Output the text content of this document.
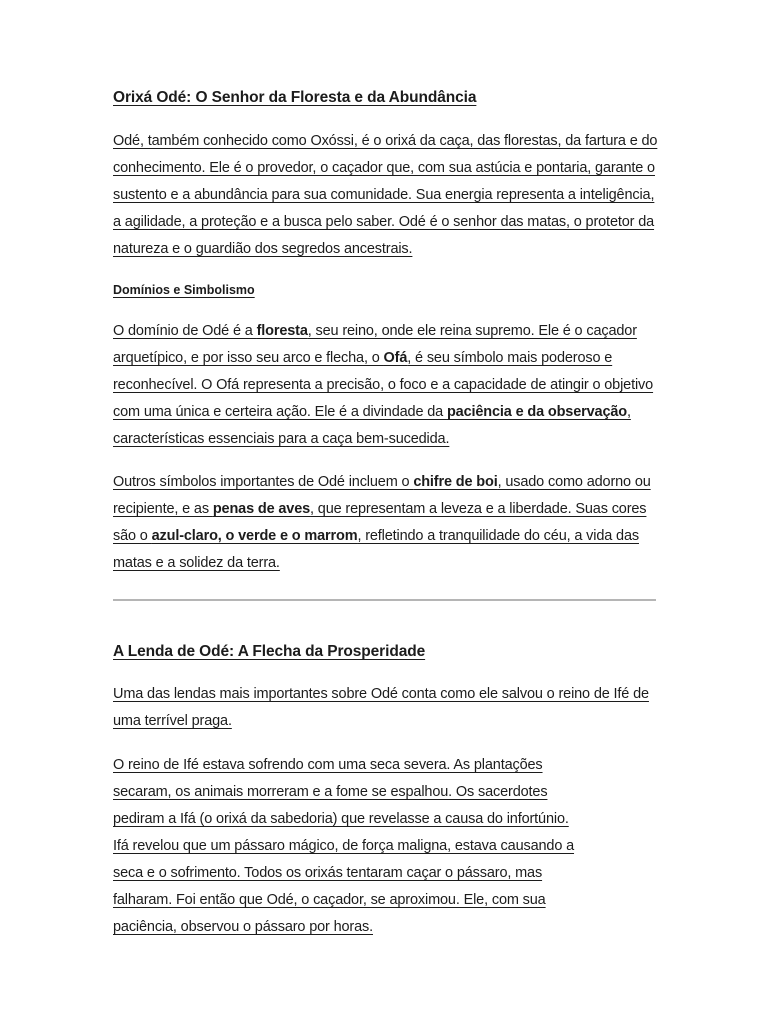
Orixá Odé: O Senhor da Floresta e da Abundância

Odé, também conhecido como Oxóssi, é o orixá da caça, das florestas, da fartura e do conhecimento. Ele é o provedor, o caçador que, com sua astúcia e pontaria, garante o sustento e a abundância para sua comunidade. Sua energia representa a inteligência, a agilidade, a proteção e a busca pelo saber. Odé é o senhor das matas, o protetor da natureza e o guardião dos segredos ancestrais.

Domínios e Simbolismo

O domínio de Odé é a floresta, seu reino, onde ele reina supremo. Ele é o caçador arquetípico, e por isso seu arco e flecha, o Ofá, é seu símbolo mais poderoso e reconhecível. O Ofá representa a precisão, o foco e a capacidade de atingir o objetivo com uma única e certeira ação. Ele é a divindade da paciência e da observação, características essenciais para a caça bem-sucedida.

Outros símbolos importantes de Odé incluem o chifre de boi, usado como adorno ou recipiente, e as penas de aves, que representam a leveza e a liberdade. Suas cores são o azul-claro, o verde e o marrom, refletindo a tranquilidade do céu, a vida das matas e a solidez da terra.

A Lenda de Odé: A Flecha da Prosperidade

Uma das lendas mais importantes sobre Odé conta como ele salvou o reino de Ifé de uma terrível praga.

O reino de Ifé estava sofrendo com uma seca severa. As plantações secaram, os animais morreram e a fome se espalhou. Os sacerdotes pediram a Ifá (o orixá da sabedoria) que revelasse a causa do infortúnio. Ifá revelou que um pássaro mágico, de força maligna, estava causando a seca e o sofrimento. Todos os orixás tentaram caçar o pássaro, mas falharam. Foi então que Odé, o caçador, se aproximou. Ele, com sua paciência, observou o pássaro por horas.
